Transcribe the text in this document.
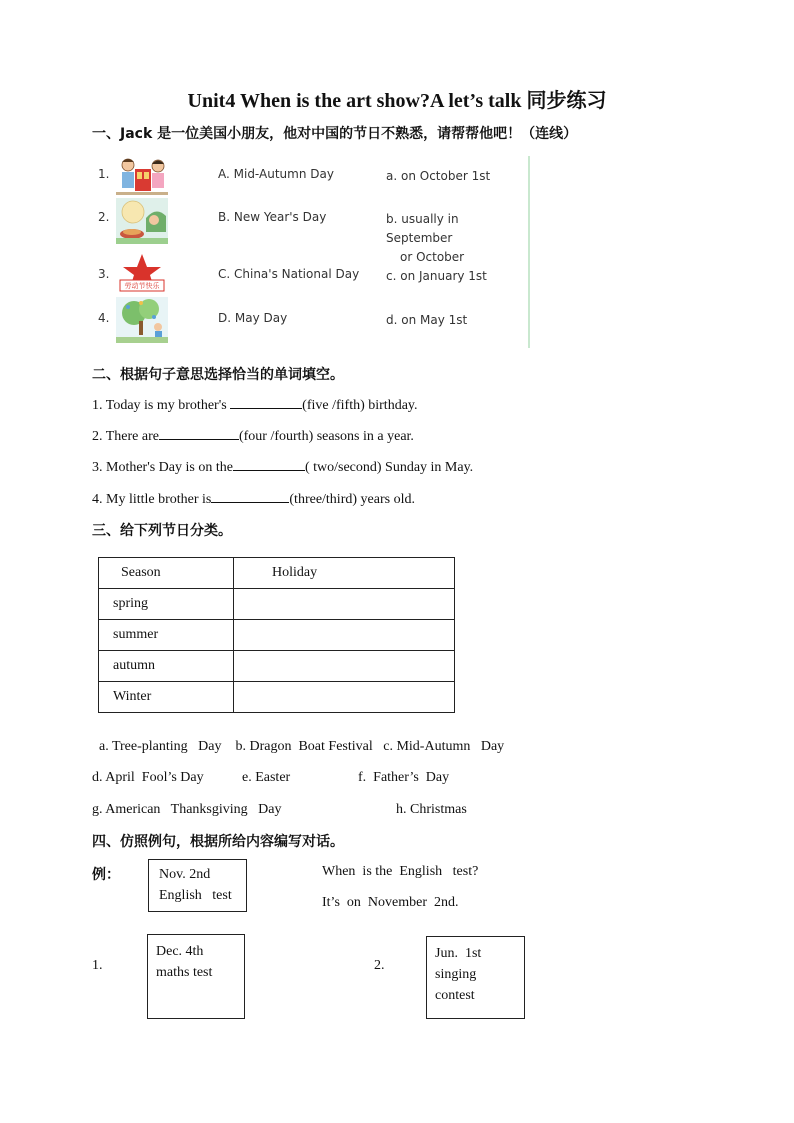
Unit4 When is the art show?A let’s talk 同步练习
一、Jack 是一位美国小朋友，他对中国的节日不熟悉，请帮帮他吧！（连线）
1.	A. Mid-Autumn Day	a. on October 1st
2.	B. New Year's Day	b. usually in September
or October
3.
劳动节快乐
C. China's National Day c. on January 1st
4.	D. May Day	d. on May 1st
二、根据句子意思选择恰当的单词填空。
1. Today is my brother's	(five /fifth) birthday.
2. There are	(four /fourth) seasons in a year.
3. Mother's Day is on the	( two/second) Sunday in May.
4. My little brother is	(three/third) years old.
三、给下列节日分类。
Season	Holiday
spring	
summer	
autumn	
Winter	
a. Tree-planting   Day    b. Dragon  Boat Festival   c. Mid-Autumn   Day
d. April  Fool’s Day	e. Easter	f.  Father’s  Day
g. American   Thanksgiving   Day	h. Christmas
四、仿照例句，根据所给内容编写对话。
例：	Nov. 2nd
English   test
When  is the  English   test?
It’s  on  November  2nd.
1.
Dec. 4th
maths test	2.
Jun.  1st
singing
contest
